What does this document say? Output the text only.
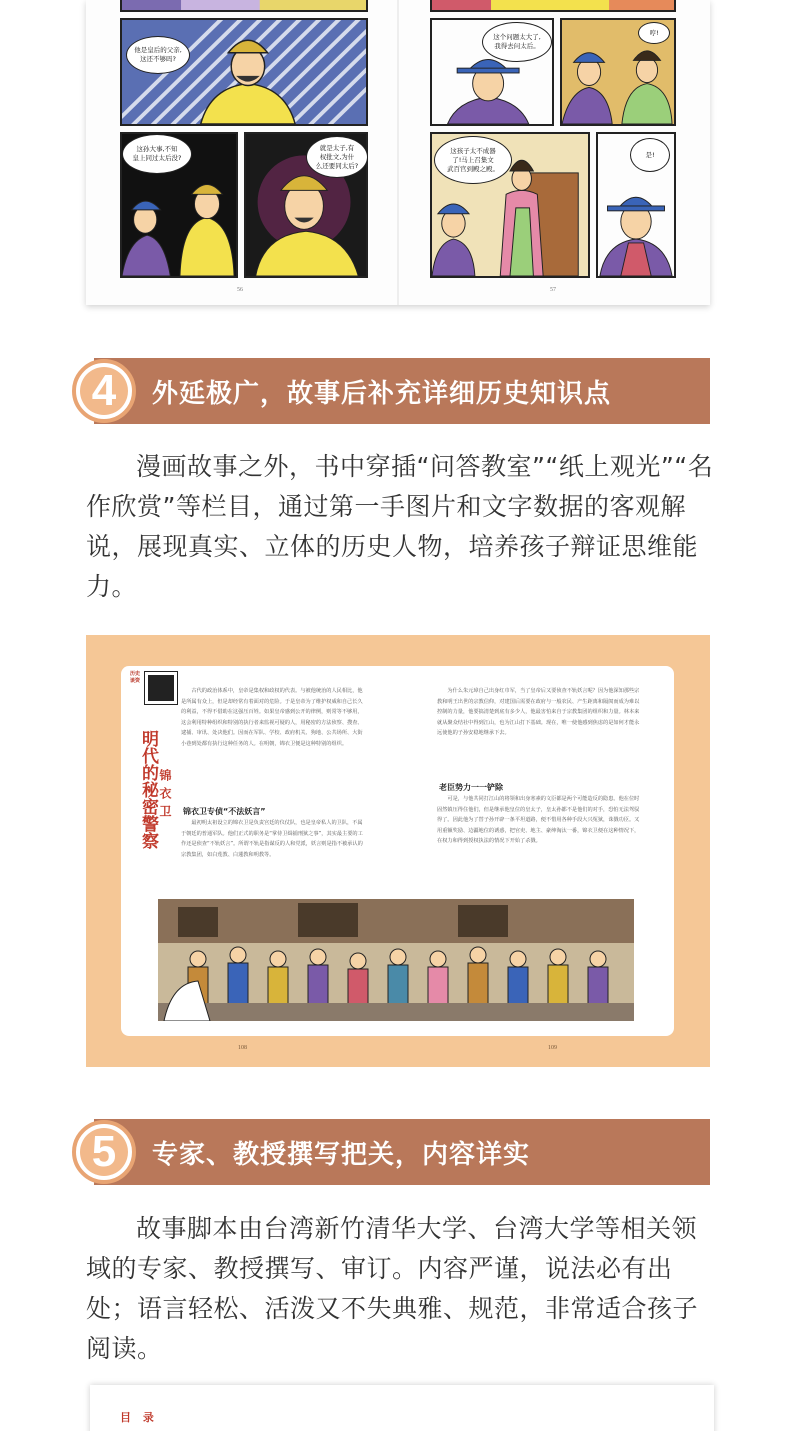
他是皇后的父亲,
这还不够吗?
这孙大事,不知
皇上同过太后没?
就是太子,有
权批文,为什
么还要同太后?
这个问题太大了,
我得去问太后。
哼!
这孩子太不成器
了!马上召集文
武百官到殿之殿。
是!
56	57
4	外延极广，故事后补充详细历史知识点
漫画故事之外，书中穿插“问答教室”“纸上观光”“名作欣赏”等栏目，通过第一手图片和文字数据的客观解说，展现真实、立体的历史人物，培养孩子辩证思维能力。
历史谈资
明代的秘密警察 锦衣卫
古代的政治体系中，皇帝是集权和政权的代表。与被他统治的人民相比，他是所属有众上，但是却经常有着面对的危险。于是皇帝为了维护权威和自己长久的利益，不得不借助在这强压百姓。如果皇帝感到公开的律例，则常等不够用，这会利用特种组织和特别的执行者来监视可疑的人，用秘密的方法侦察、搜查、逮捕、审讯、处决他们。因而在军队、学校、政府机关、狗地、公共场所、大街小巷到处都有执行这种任务的人。在明朝，锦衣卫便是这种特别的组织。
锦衣卫专侦“不法妖言”
最初明太祖设立的锦衣卫是负责宫廷的仪仗队，也是皇帝私人的卫队，不属于朝廷的普通军队。他们正式的职务是“掌侍卫缉捕刑狱之事”，其实最主要的工作还是侦查“不轨妖言”。所谓不轨是指谋反的人和党派，妖言则是指不被承认的宗教集团，如白莲教、白蓮教和明教等。
为什么朱元璋自己出身红巾军，当了皇帝后又要侦查不轨妖言呢？因为他深知那些宗教和明王出世的宗教信仰，对建国后需要在政府与一般农民、产生距离和隔阂而成为难以控制的力量，他要搞清楚到底有多少人，他最害怕来自于宗教集团的组织和力量。林本来就从聚众结社中得到江山，也为江山打下基础。现在，唯一使他感到焦虑的是如何才能永远使他的子孙安稳地继承下去。
老臣势力一一铲除
可是，与他共同打江山的将领和出身寒素的文臣都是两个可能造反的隐患。他在位时固然镇压得住他们，但是继承他皇位的皇太子，皇太孙都不是他们的对手，恐怕无法驾驭得了。因此他为了替子孙开辟一条平坦道路，便不惜用各种手段大兴冤狱，诛戮功臣。又用重额奖励、边疆地位的诱惑，把官吏、地主、豪绅淘汰一番，锦衣卫便在这种情况下，在权力和得到授权执法的情况下开始了杀戮。
108	109
5	专家、教授撰写把关，内容详实
故事脚本由台湾新竹清华大学、台湾大学等相关领域的专家、教授撰写、审订。内容严谨，说法必有出处；语言轻松、活泼又不失典雅、规范，非常适合孩子阅读。
目 录
